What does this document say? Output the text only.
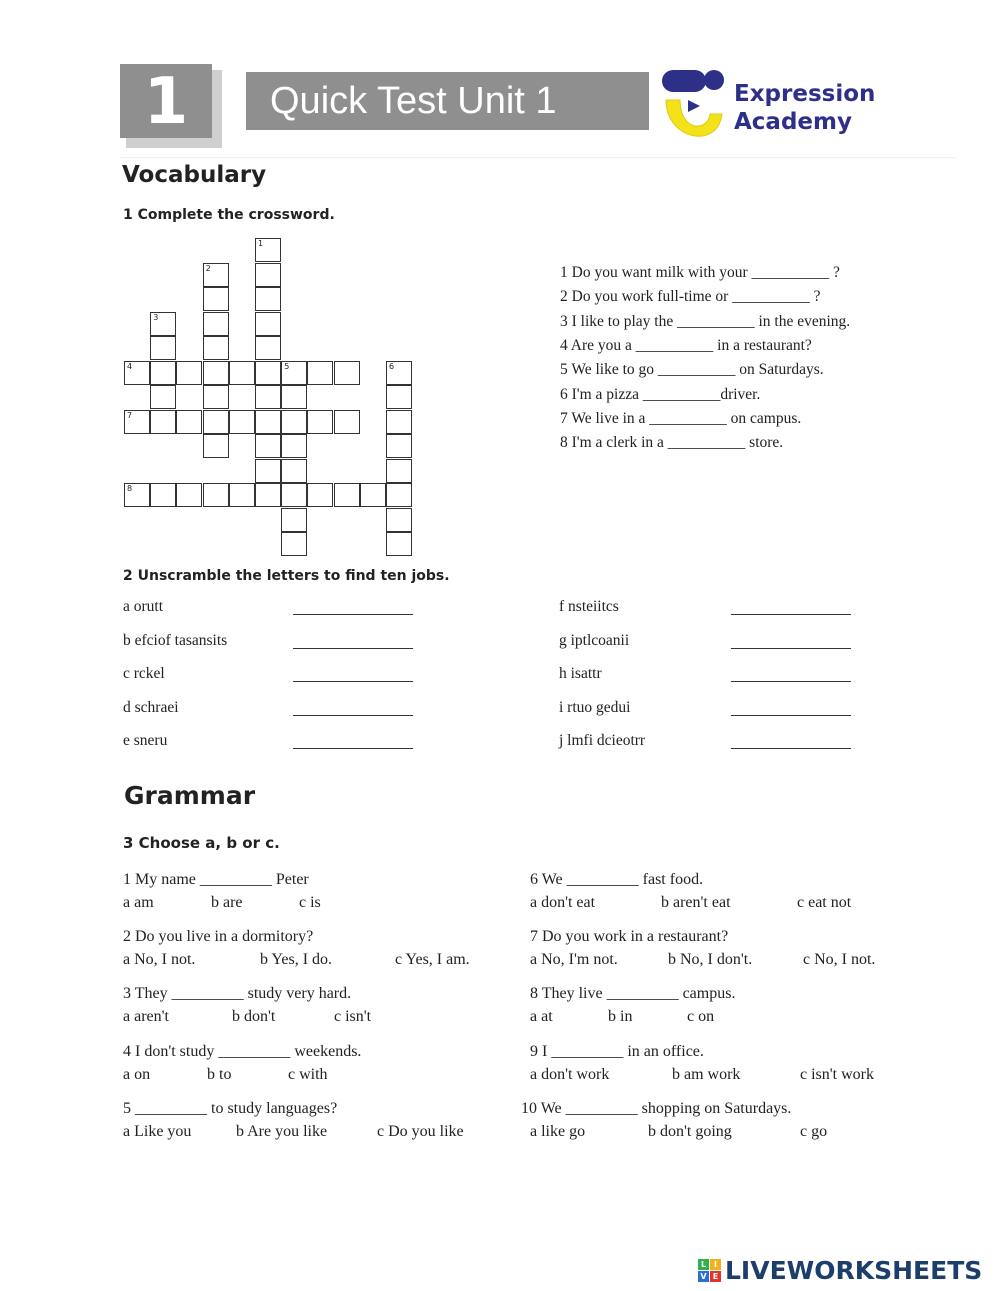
1	Quick Test Unit 1	Expression
Academy
Vocabulary
1 Complete the crossword.
1
2
3
4	5	6
7
8
1 Do you want milk with your __________ ?
2 Do you work full-time or __________ ?
3 I like to play the __________ in the evening.
4 Are you a __________ in a restaurant?
5 We like to go __________ on Saturdays.
6 I'm a pizza __________driver.
7 We live in a __________ on campus.
8 I'm a clerk in a __________ store.
2 Unscramble the letters to find ten jobs.
a orutt
b efciof tasansits
c rckel
d schraei
e sneru
f nsteiitcs
g iptlcoanii
h isattr
i rtuo gedui
j lmfi dcieotrr
Grammar
3 Choose a, b or c.
1 My name _________ Peter
a am	b are	c is
2 Do you live in a dormitory?
a No, I not.	b Yes, I do.	c Yes, I am.
3 They _________ study very hard.
a aren't	b don't	c isn't
4 I don't study _________ weekends.
a on	b to	c with
5 _________ to study languages?
a Like you	b Are you like	c Do you like
6 We _________ fast food.
a don't eat	b aren't eat	c eat not
7 Do you work in a restaurant?
a No, I'm not.	b No, I don't.	c No, I not.
8 They live _________ campus.
a at	b in	c on
9 I _________ in an office.
a don't work	b am work	c isn't work
10 We _________ shopping on Saturdays.
a like go	b don't going	c go
L I
V E LIVEWORKSHEETS
